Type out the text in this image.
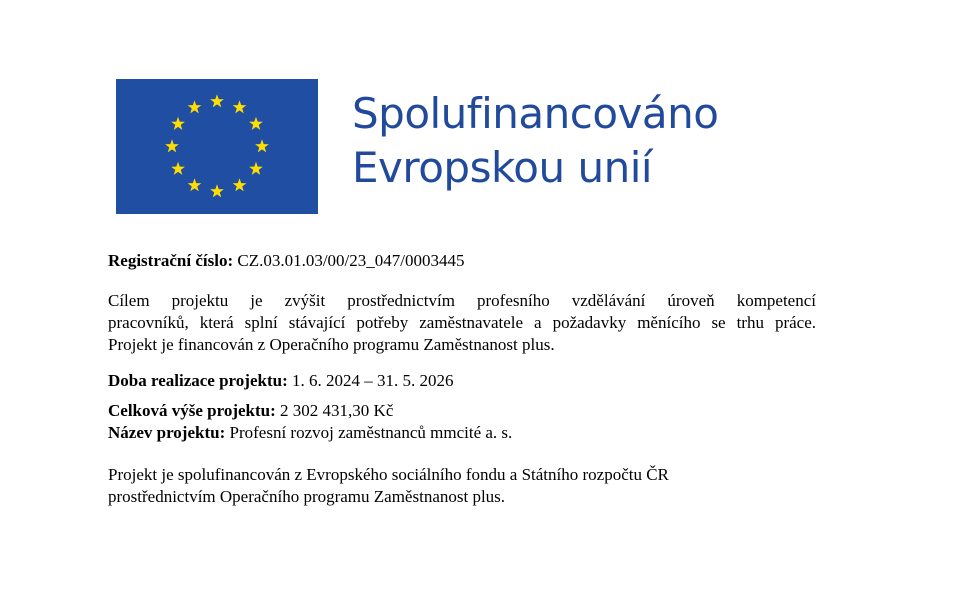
Spolufinancováno
Evropskou unií

Registrační číslo: CZ.03.01.03/00/23_047/0003445

Cílem projektu je zvýšit prostřednictvím profesního vzdělávání úroveň kompetencí
pracovníků, která splní stávající potřeby zaměstnavatele a požadavky měnícího se trhu práce.
Projekt je financován z Operačního programu Zaměstnanost plus.

Doba realizace projektu: 1. 6. 2024 – 31. 5. 2026

Celková výše projektu: 2 302 431,30 Kč

Název projektu: Profesní rozvoj zaměstnanců mmcité a. s.

Projekt je spolufinancován z Evropského sociálního fondu a Státního rozpočtu ČR
prostřednictvím Operačního programu Zaměstnanost plus.
